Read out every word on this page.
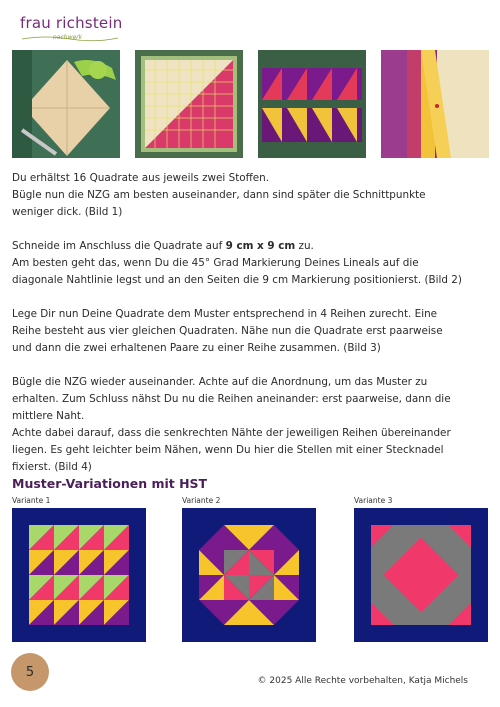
frau richstein
nachwerk

Du erhältst 16 Quadrate aus jeweils zwei Stoffen.

Bügle nun die NZG am besten auseinander, dann sind später die Schnittpunkte

weniger dick. (Bild 1)

Schneide im Anschluss die Quadrate auf 9 cm x 9 cm zu.

Am besten geht das, wenn Du die 45° Grad Markierung Deines Lineals auf die

diagonale Nahtlinie legst und an den Seiten die 9 cm Markierung positionierst. (Bild 2)

Lege Dir nun Deine Quadrate dem Muster entsprechend in 4 Reihen zurecht. Eine

Reihe besteht aus vier gleichen Quadraten. Nähe nun die Quadrate erst paarweise

und dann die zwei erhaltenen Paare zu einer Reihe zusammen. (Bild 3)

Bügle die NZG wieder auseinander. Achte auf die Anordnung, um das Muster zu

erhalten. Zum Schluss nähst Du nu die Reihen aneinander: erst paarweise, dann die

mittlere Naht.

Achte dabei darauf, dass die senkrechten Nähte der jeweiligen Reihen übereinander

liegen. Es geht leichter beim Nähen, wenn Du hier die Stellen mit einer Stecknadel

fixierst. (Bild 4)

Muster-Variationen mit HST
Variante 1	Variante 2	Variante 3
5
© 2025 Alle Rechte vorbehalten, Katja Michels
